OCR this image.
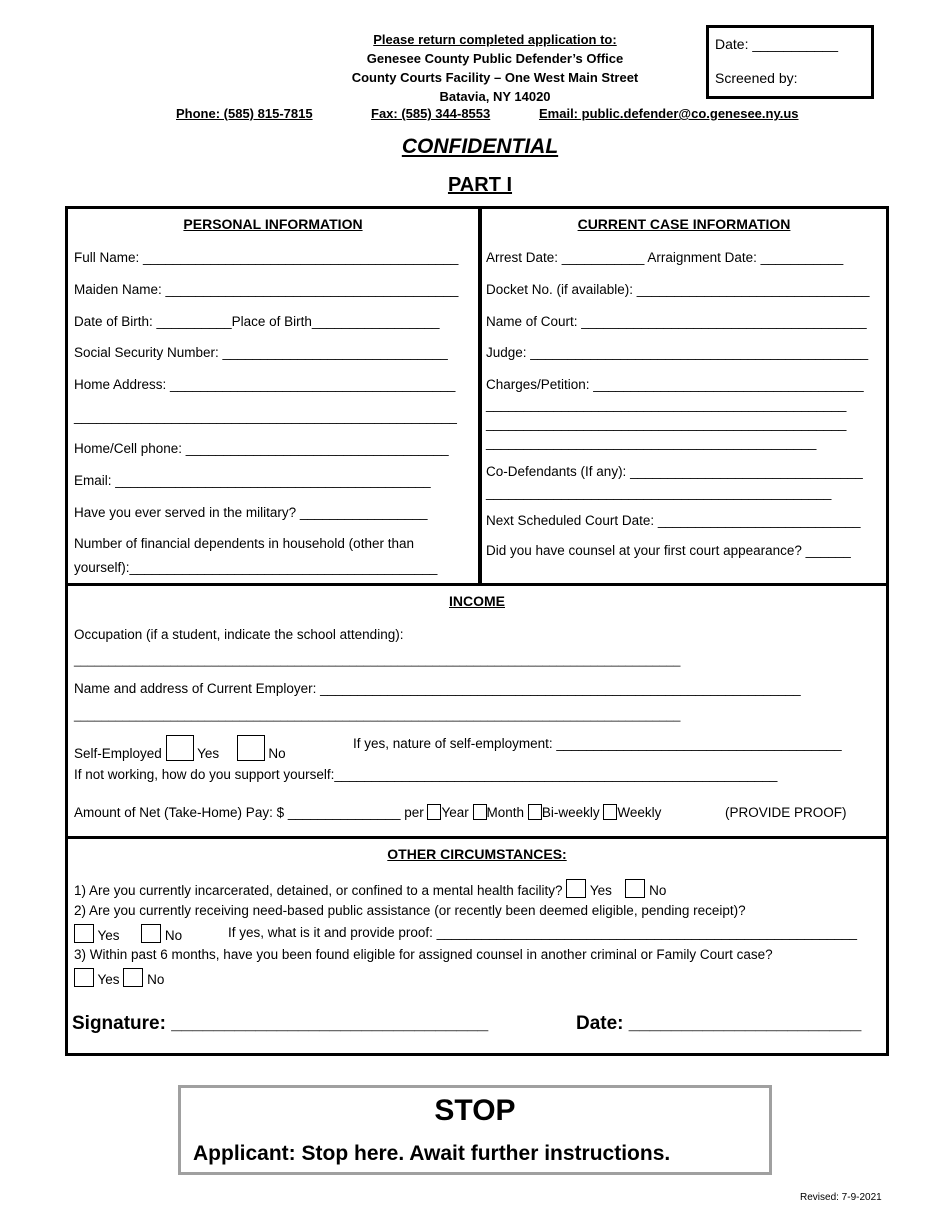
Please return completed application to:
Genesee County Public Defender’s Office
County Courts Facility – One West Main Street
Batavia, NY 14020
Phone: (585) 815-7815	Fax: (585) 344-8553	Email: public.defender@co.genesee.ny.us
Date: ___________
Screened by:
CONFIDENTIAL
PART I
PERSONAL INFORMATION
Full Name: __________________________________________
Maiden Name: _______________________________________
Date of Birth: __________Place of Birth_________________
Social Security Number: ______________________________
Home Address: ______________________________________
___________________________________________________
Home/Cell phone: ___________________________________
Email: __________________________________________
Have you ever served in the military? _________________
Number of financial dependents in household (other than
yourself):_________________________________________
CURRENT CASE INFORMATION
Arrest Date: ___________ Arraignment Date: ___________
Docket No. (if available): _______________________________
Name of Court: ______________________________________
Judge: _____________________________________________
Charges/Petition: ____________________________________
________________________________________________
________________________________________________
____________________________________________
Co-Defendants (If any): _______________________________
______________________________________________
Next Scheduled Court Date: ___________________________
Did you have counsel at your first court appearance? ______
INCOME
Occupation (if a student, indicate the school attending):
________________________________________________________________________________________
Name and address of Current Employer: ________________________________________________________________
________________________________________________________________________________________
Self-Employed	Yes	No
If yes, nature of self-employment: ______________________________________
If not working, how do you support yourself:___________________________________________________________
Amount of Net (Take-Home) Pay: $ _______________ per Year Month Bi-weekly Weekly	(PROVIDE PROOF)
OTHER CIRCUMSTANCES:
1) Are you currently incarcerated, detained, or confined to a mental health facility? Yes	No
2) Are you currently receiving need-based public assistance (or recently been deemed eligible, pending receipt)?
Yes	No	If yes, what is it and provide proof: ________________________________________________________
3) Within past 6 months, have you been found eligible for assigned counsel in another criminal or Family Court case?
Yes No
Signature: ______________________________	Date: ______________________
STOP
Applicant: Stop here. Await further instructions.
Revised: 7-9-2021
